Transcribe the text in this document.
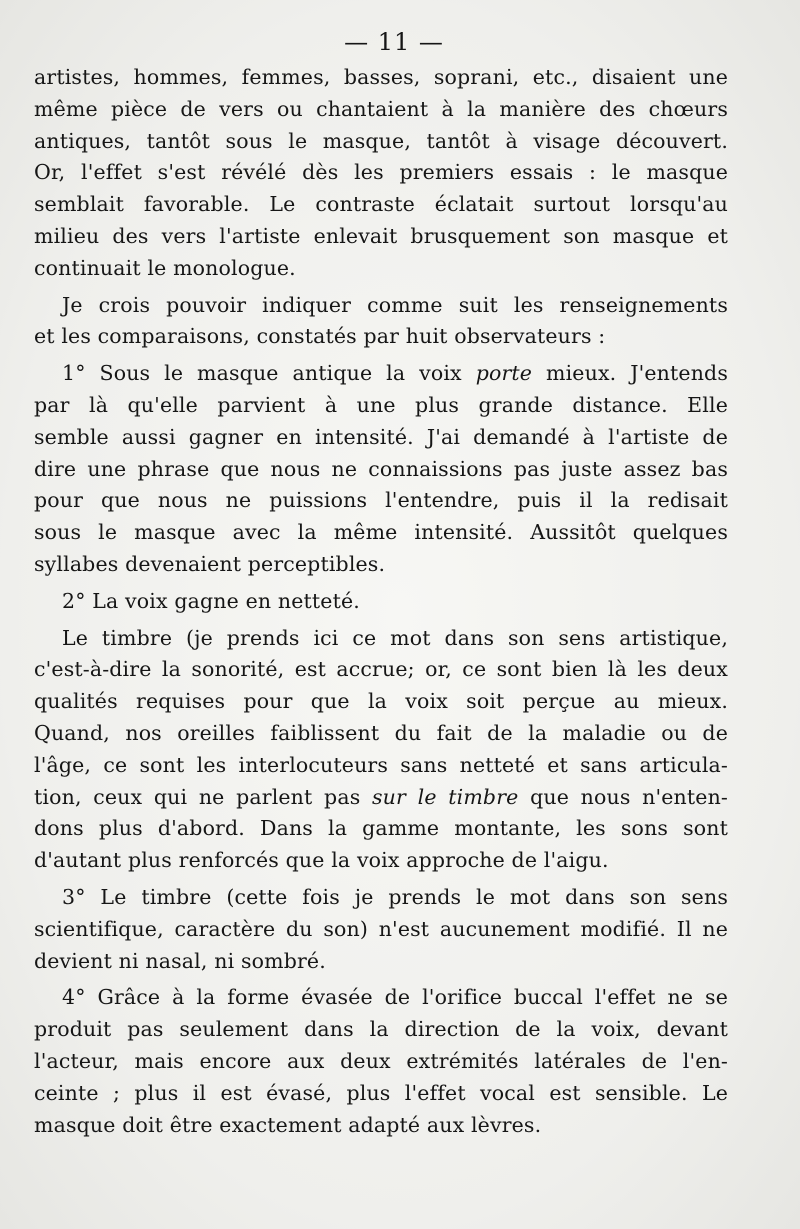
— 11 —
artistes, hommes, femmes, basses, soprani, etc., disaient une
même pièce de vers ou chantaient à la manière des chœurs
antiques, tantôt sous le masque, tantôt à visage découvert.
Or, l'effet s'est révélé dès les premiers essais : le masque
semblait favorable. Le contraste éclatait surtout lorsqu'au
milieu des vers l'artiste enlevait brusquement son masque et
continuait le monologue.
Je crois pouvoir indiquer comme suit les renseignements
et les comparaisons, constatés par huit observateurs :
1° Sous le masque antique la voix porte mieux. J'entends
par là qu'elle parvient à une plus grande distance. Elle
semble aussi gagner en intensité. J'ai demandé à l'artiste de
dire une phrase que nous ne connaissions pas juste assez bas
pour que nous ne puissions l'entendre, puis il la redisait
sous le masque avec la même intensité. Aussitôt quelques
syllabes devenaient perceptibles.
2° La voix gagne en netteté.
Le timbre (je prends ici ce mot dans son sens artistique,
c'est-à-dire la sonorité, est accrue; or, ce sont bien là les deux
qualités requises pour que la voix soit perçue au mieux.
Quand, nos oreilles faiblissent du fait de la maladie ou de
l'âge, ce sont les interlocuteurs sans netteté et sans articula-
tion, ceux qui ne parlent pas sur le timbre que nous n'enten-
dons plus d'abord. Dans la gamme montante, les sons sont
d'autant plus renforcés que la voix approche de l'aigu.
3° Le timbre (cette fois je prends le mot dans son sens
scientifique, caractère du son) n'est aucunement modifié. Il ne
devient ni nasal, ni sombré.
4° Grâce à la forme évasée de l'orifice buccal l'effet ne se
produit pas seulement dans la direction de la voix, devant
l'acteur, mais encore aux deux extrémités latérales de l'en-
ceinte ; plus il est évasé, plus l'effet vocal est sensible. Le
masque doit être exactement adapté aux lèvres.
